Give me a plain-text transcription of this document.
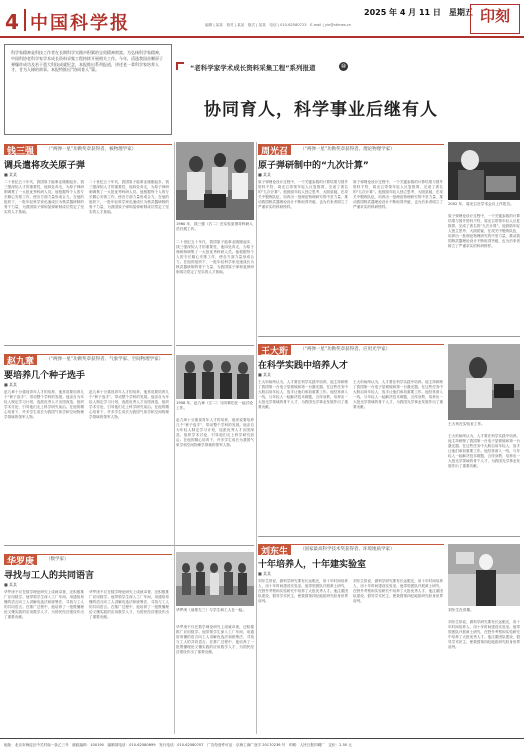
4 中国科学报
2025 年 4 月 11 日　星期五
编辑 | 某某　校对 | 某某　版式 | 某某　电话 | 010-62580723　E-mail | yin@stimes.cn	印刻
科学家精神是科技工作者在长期科学实践中积累的宝贵精神财富。为弘扬科学家精神，中国科协老科学家学术成长资料采集工程持续开展相关工作。今年，适逢我国首颗原子弹爆炸成功及若干重大科技成就纪念，本报推出系列报道，讲述老一辈科学家培养人才、甘为人梯的故事。本报特推出“协同育人”篇。	“老科学家学术成长资料采集工程”系列报道	⑩
协同育人，科学事业后继有人
钱三强	（“两弹一星”功勋奖章获得者、核物理学家）
调兵遣将攻关原子弹
■ 某某
二十世纪五十年代，我国原子能事业刚刚起步，钱三强深知人才的重要性，他四处奔走，为原子弹研制调集了一大批优秀科研人员。他根据每个人的专长精心安排工作，使各方面力量形成合力。在他的组织下，一批年轻科学家迅速成长为核武器研制的骨干力量，为我国原子弹和氢弹研制成功奠定了坚实的人才基础。
二十世纪五十年代，我国原子能事业刚刚起步，钱三强深知人才的重要性，他四处奔走，为原子弹研制调集了一大批优秀科研人员。他根据每个人的专长精心安排工作，使各方面力量形成合力。在他的组织下，一批年轻科学家迅速成长为核武器研制的骨干力量，为我国原子弹和氢弹研制成功奠定了坚实的人才基础。
1960 年，钱三强（右二）在实验室指导科研人员开展工作。
二十世纪五十年代，我国原子能事业刚刚起步，钱三强深知人才的重要性，他四处奔走，为原子弹研制调集了一大批优秀科研人员。他根据每个人的专长精心安排工作，使各方面力量形成合力。在他的组织下，一批年轻科学家迅速成长为核武器研制的骨干力量，为我国原子弹和氢弹研制成功奠定了坚实的人才基础。
周光召	（“两弹一星”功勋奖章获得者、理论物理学家）
原子弹研制中的“九次计算”
■ 某某
原子弹理论设计过程中，一个关键参数的计算结果与国外资料不符，周光召带领年轻人反复推算，完成了著名的“九次计算”。他鼓励年轻人独立思考、大胆质疑，在攻关中锻炼队伍，培养出一批理论物理研究的中坚力量，推动我国核武器理论设计不断取得突破，也为后来者树立了严谨求实的科研榜样。
原子弹理论设计过程中，一个关键参数的计算结果与国外资料不符，周光召带领年轻人反复推算，完成了著名的“九次计算”。他鼓励年轻人独立思考、大胆质疑，在攻关中锻炼队伍，培养出一批理论物理研究的中坚力量，推动我国核武器理论设计不断取得突破，也为后来者树立了严谨求实的科研榜样。
2002 年，周光召在学术会议上作报告。
原子弹理论设计过程中，一个关键参数的计算结果与国外资料不符，周光召带领年轻人反复推算，完成了著名的“九次计算”。他鼓励年轻人独立思考、大胆质疑，在攻关中锻炼队伍，培养出一批理论物理研究的中坚力量，推动我国核武器理论设计不断取得突破，也为后来者树立了严谨求实的科研榜样。
赵九章	（“两弹一星”功勋奖章获得者、气象学家、空间物理学家）
要培养几个种子选手
■ 某某
赵九章十分重视青年人才的培养，他常说要培养几个“种子选手”，带动整个学科的发展。他亲自为年轻人制定学习计划，选派优秀人才出国深造，组织学术讨论，引导他们走上科学研究前沿。在他的精心培育下，许多学生成长为我国气象学和空间物理学领域的领军人物。
赵九章十分重视青年人才的培养，他常说要培养几个“种子选手”，带动整个学科的发展。他亲自为年轻人制定学习计划，选派优秀人才出国深造，组织学术讨论，引导他们走上科学研究前沿。在他的精心培育下，许多学生成长为我国气象学和空间物理学领域的领军人物。
1958 年，赵九章（左二）与同事们在一起讨论工作。
赵九章十分重视青年人才的培养，他常说要培养几个“种子选手”，带动整个学科的发展。他亲自为年轻人制定学习计划，选派优秀人才出国深造，组织学术讨论，引导他们走上科学研究前沿。在他的精心培育下，许多学生成长为我国气象学和空间物理学领域的领军人物。
王大珩	（“两弹一星”功勋奖章获得者、应用光学家）
在科学实践中培养人才
■ 某某
王大珩始终认为，人才要在科学实践中培养。他主持研制了我国第一台电子显微镜和第一台激光器，在这些任务中大胆启用年轻人，放手让他们承担重要工作。他经常深入一线，与年轻人一起解决技术难题，言传身教，培养出一大批光学领域的骨干人才，为我国光学事业发展作出了重要贡献。
王大珩始终认为，人才要在科学实践中培养。他主持研制了我国第一台电子显微镜和第一台激光器，在这些任务中大胆启用年轻人，放手让他们承担重要工作。他经常深入一线，与年轻人一起解决技术难题，言传身教，培养出一大批光学领域的骨干人才，为我国光学事业发展作出了重要贡献。
王大珩在实验室工作。
王大珩始终认为，人才要在科学实践中培养。他主持研制了我国第一台电子显微镜和第一台激光器，在这些任务中大胆启用年轻人，放手让他们承担重要工作。他经常深入一线，与年轻人一起解决技术难题，言传身教，培养出一大批光学领域的骨干人才，为我国光学事业发展作出了重要贡献。
华罗庚	（数学家）
寻找与工人的共同语言
■ 某某
华罗庚不仅在数学理论研究上成就卓著，还积极推广应用数学。他带领学生深入工厂车间，用通俗易懂的语言向工人讲解优选法和统筹法，寻找与工人的共同语言。在推广过程中，他培养了一批既懂理论又懂实践的应用数学人才，为国民经济建设作出了重要贡献。
华罗庚不仅在数学理论研究上成就卓著，还积极推广应用数学。他带领学生深入工厂车间，用通俗易懂的语言向工人讲解优选法和统筹法，寻找与工人的共同语言。在推广过程中，他培养了一批既懂理论又懂实践的应用数学人才，为国民经济建设作出了重要贡献。
华罗庚（前排左三）与学生和工人在一起。
华罗庚不仅在数学理论研究上成就卓著，还积极推广应用数学。他带领学生深入工厂车间，用通俗易懂的语言向工人讲解优选法和统筹法，寻找与工人的共同语言。在推广过程中，他培养了一批既懂理论又懂实践的应用数学人才，为国民经济建设作出了重要贡献。
刘东生	（国家最高科学技术奖获得者、环境地质学家）
十年培养人，十年建实验室
■ 某某
刘东生常说，做科学研究要有长远眼光，用十年时间培养人，用十年时间建设实验室。他带领团队开展黄土研究，在野外考察和实验研究中培养了大批优秀人才。他注重团队建设，倡导学术民主，使我国第四纪地质研究跻身世界前列。
刘东生常说，做科学研究要有长远眼光，用十年时间培养人，用十年时间建设实验室。他带领团队开展黄土研究，在野外考察和实验研究中培养了大批优秀人才。他注重团队建设，倡导学术民主，使我国第四纪地质研究跻身世界前列。
刘东生在讲课。
刘东生常说，做科学研究要有长远眼光，用十年时间培养人，用十年时间建设实验室。他带领团队开展黄土研究，在野外考察和实验研究中培养了大批优秀人才。他注重团队建设，倡导学术民主，使我国第四纪地质研究跻身世界前列。
地址：北京市海淀区中关村南一条乙三号　邮政编码：100190　编辑部电话：010-62580699　发行电话：010-62580707　广告经营许可证：京海工商广登字 20170236 号　印刷：人民日报印刷厂　定价：2.50 元
